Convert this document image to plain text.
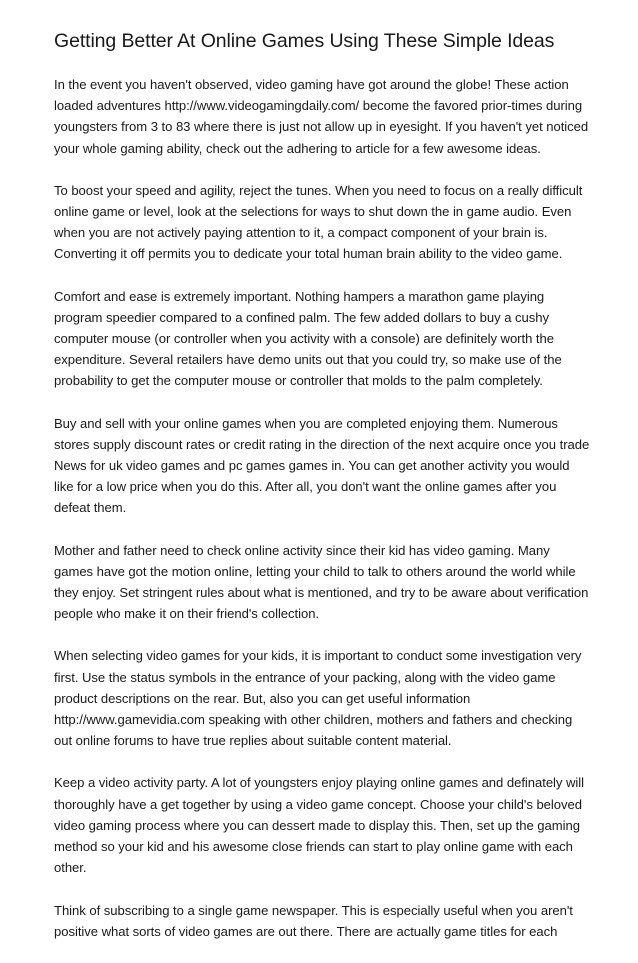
Getting Better At Online Games Using These Simple Ideas

In the event you haven't observed, video gaming have got around the globe! These action
loaded adventures http://www.videogamingdaily.com/ become the favored prior-times during
youngsters from 3 to 83 where there is just not allow up in eyesight. If you haven't yet noticed
your whole gaming ability, check out the adhering to article for a few awesome ideas.

To boost your speed and agility, reject the tunes. When you need to focus on a really difficult
online game or level, look at the selections for ways to shut down the in game audio. Even
when you are not actively paying attention to it, a compact component of your brain is.
Converting it off permits you to dedicate your total human brain ability to the video game.

Comfort and ease is extremely important. Nothing hampers a marathon game playing
program speedier compared to a confined palm. The few added dollars to buy a cushy
computer mouse (or controller when you activity with a console) are definitely worth the
expenditure. Several retailers have demo units out that you could try, so make use of the
probability to get the computer mouse or controller that molds to the palm completely.

Buy and sell with your online games when you are completed enjoying them. Numerous
stores supply discount rates or credit rating in the direction of the next acquire once you trade
News for uk video games and pc games games in. You can get another activity you would
like for a low price when you do this. After all, you don't want the online games after you
defeat them.

Mother and father need to check online activity since their kid has video gaming. Many
games have got the motion online, letting your child to talk to others around the world while
they enjoy. Set stringent rules about what is mentioned, and try to be aware about verification
people who make it on their friend's collection.

When selecting video games for your kids, it is important to conduct some investigation very
first. Use the status symbols in the entrance of your packing, along with the video game
product descriptions on the rear. But, also you can get useful information
http://www.gamevidia.com speaking with other children, mothers and fathers and checking
out online forums to have true replies about suitable content material.

Keep a video activity party. A lot of youngsters enjoy playing online games and definately will
thoroughly have a get together by using a video game concept. Choose your child's beloved
video gaming process where you can dessert made to display this. Then, set up the gaming
method so your kid and his awesome close friends can start to play online game with each
other.

Think of subscribing to a single game newspaper. This is especially useful when you aren't
positive what sorts of video games are out there. There are actually game titles for each
